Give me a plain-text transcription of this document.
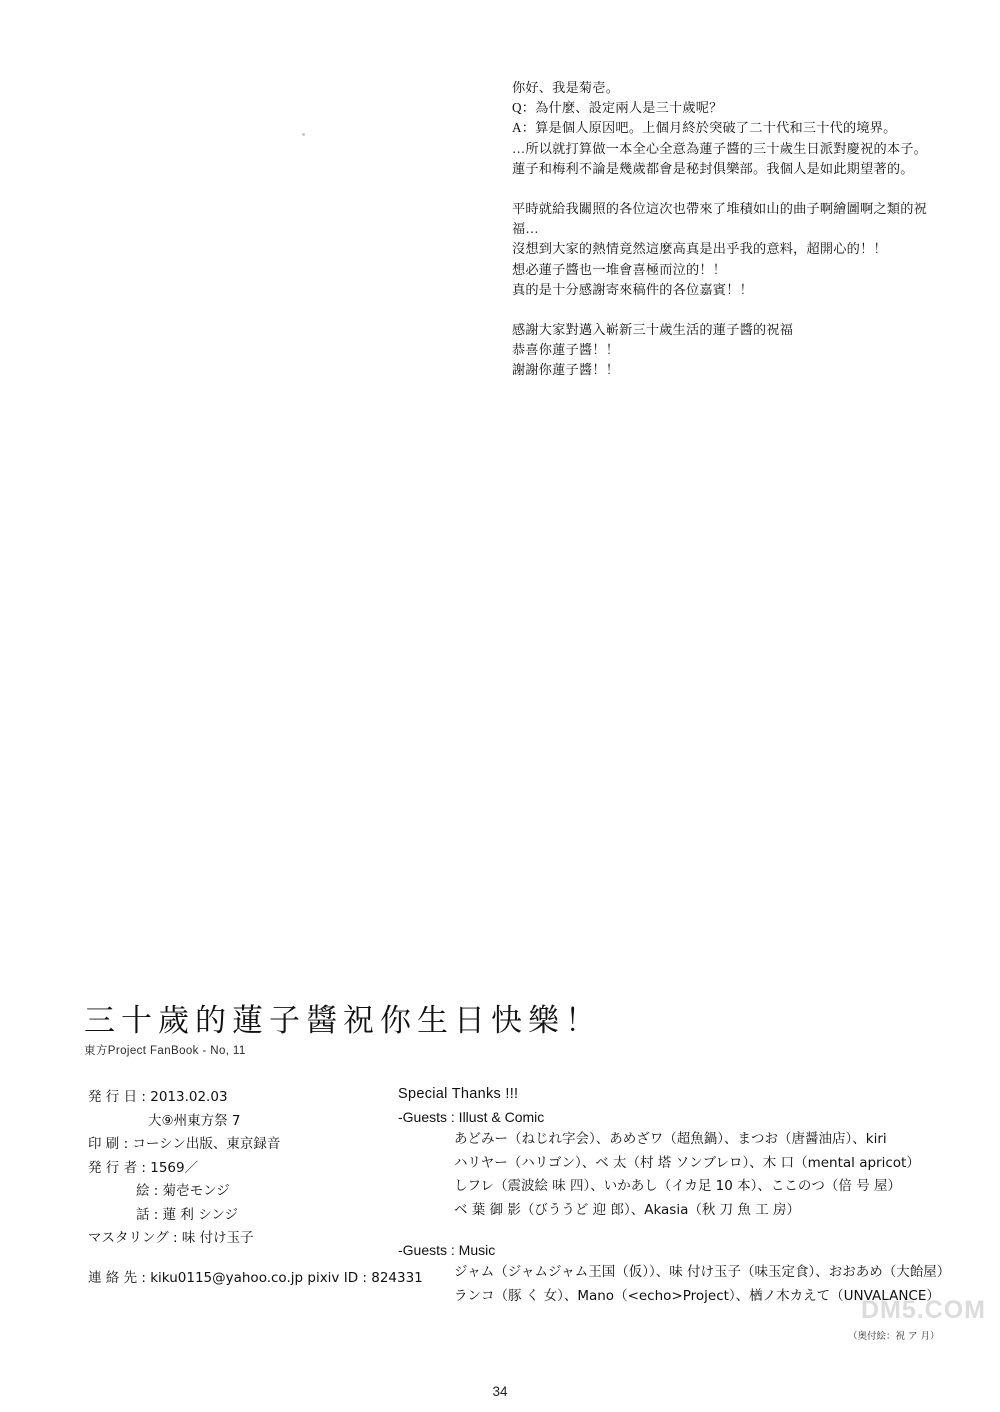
你好、我是菊壱。

Q：為什麼、設定兩人是三十歲呢？

A：算是個人原因吧。上個月終於突破了二十代和三十代的境界。

…所以就打算做一本全心全意為蓮子醬的三十歲生日派對慶祝的本子。

蓮子和梅利不論是幾歲都會是秘封俱樂部。我個人是如此期望著的。

平時就給我關照的各位這次也帶來了堆積如山的曲子啊繪圖啊之類的祝福…

沒想到大家的熱情竟然這麼高真是出乎我的意料，超開心的！！

想必蓮子醬也一堆會喜極而泣的！！

真的是十分感謝寄來稿件的各位嘉賓！！

感謝大家對邁入嶄新三十歲生活的蓮子醬的祝福

恭喜你蓮子醬！！

謝謝你蓮子醬！！

三十歲的蓮子醬祝你生日快樂！
東方Project FanBook - No, 11
発 行 日 : 2013.02.03
大⑨州東方祭 7
印 刷 : コーシン出版、東京録音
発 行 者 : 1569／
絵 : 菊壱モンジ
話 : 蓮 利 シンジ
マスタリング : 味 付け玉子
連 絡 先 : kiku0115@yahoo.co.jp pixiv ID : 824331
Special Thanks !!!
-Guests : Illust & Comic
あどみー（ねじれ字会）、あめざワ（超魚鍋）、まつお（唐醤油店）、kiri
ハリヤー（ハリゴン）、ベ 太（村 塔 ソンブレロ）、木 口（mental apricot）
しフレ（震波絵 味 四）、いかあし（イカ足 10 本）、ここのつ（倍 号 屋）
ベ 葉 御 影（びううど 迎 郎）、Akasia（秋 刀 魚 工 房）
-Guests : Music
ジャム（ジャムジャム王国（仮））、味 付け玉子（味玉定食）、おおあめ（大飴屋）
ランコ（豚 く 女）、Mano（<echo>Project）、楢ノ木カえて（UNVALANCE）
（奥付絵：祝 ア 月）
34
DM5.COM
